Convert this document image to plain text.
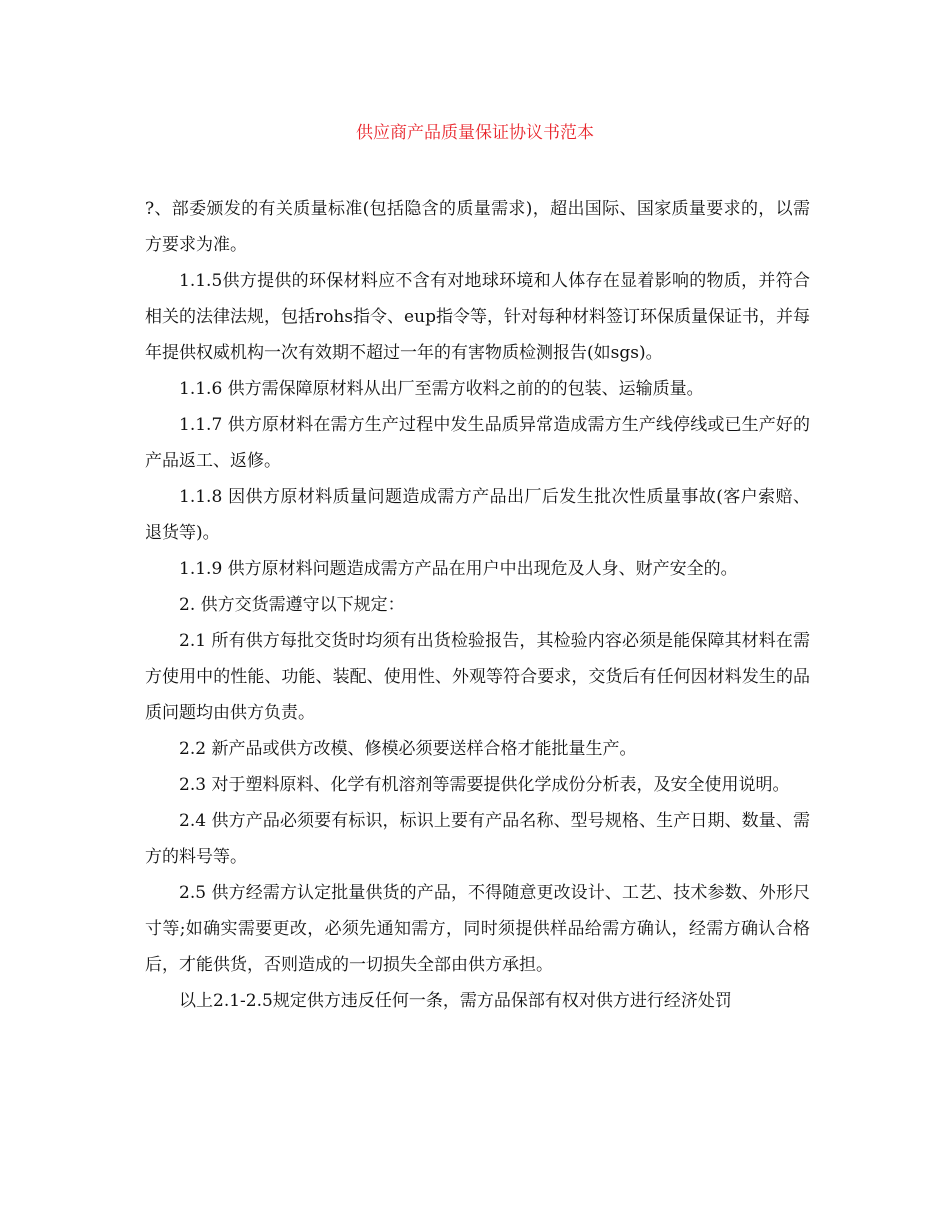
供应商产品质量保证协议书范本

?、部委颁发的有关质量标准(包括隐含的质量需求)，超出国际、国家质量要求的，以需方要求为准。

1.1.5供方提供的环保材料应不含有对地球环境和人体存在显着影响的物质，并符合相关的法律法规，包括rohs指令、eup指令等，针对每种材料签订环保质量保证书，并每年提供权威机构一次有效期不超过一年的有害物质检测报告(如sgs)。

1.1.6 供方需保障原材料从出厂至需方收料之前的的包装、运输质量。

1.1.7 供方原材料在需方生产过程中发生品质异常造成需方生产线停线或已生产好的产品返工、返修。

1.1.8 因供方原材料质量问题造成需方产品出厂后发生批次性质量事故(客户索赔、退货等)。

1.1.9 供方原材料问题造成需方产品在用户中出现危及人身、财产安全的。

2. 供方交货需遵守以下规定：

2.1 所有供方每批交货时均须有出货检验报告，其检验内容必须是能保障其材料在需方使用中的性能、功能、装配、使用性、外观等符合要求，交货后有任何因材料发生的品质问题均由供方负责。

2.2 新产品或供方改模、修模必须要送样合格才能批量生产。

2.3 对于塑料原料、化学有机溶剂等需要提供化学成份分析表，及安全使用说明。

2.4 供方产品必须要有标识，标识上要有产品名称、型号规格、生产日期、数量、需方的料号等。

2.5 供方经需方认定批量供货的产品，不得随意更改设计、工艺、技术参数、外形尺寸等;如确实需要更改，必须先通知需方，同时须提供样品给需方确认，经需方确认合格后，才能供货，否则造成的一切损失全部由供方承担。

以上2.1-2.5规定供方违反任何一条，需方品保部有权对供方进行经济处罚
